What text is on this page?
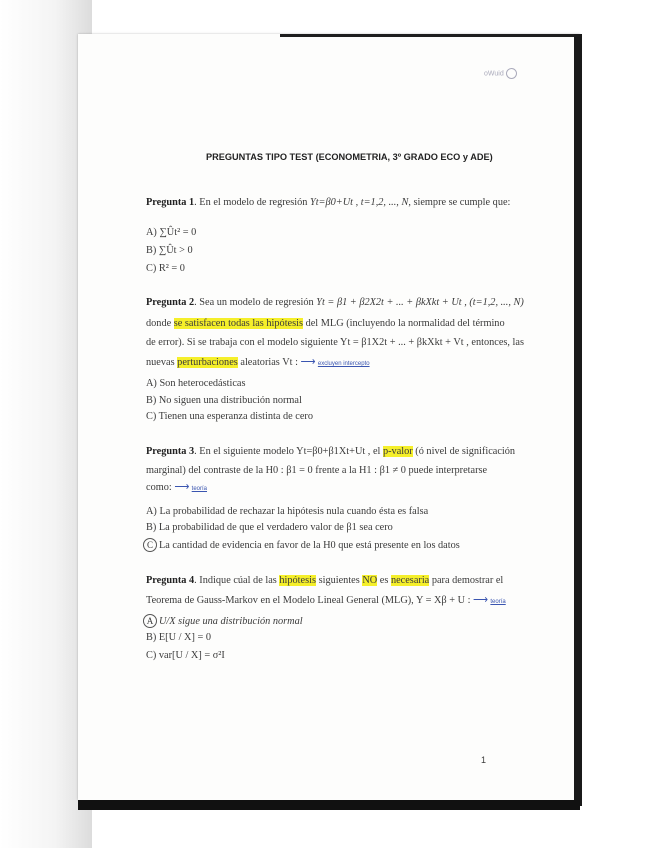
oWuid
PREGUNTAS TIPO TEST (ECONOMETRIA, 3º GRADO ECO y ADE)
Pregunta 1. En el modelo de regresión Yt=β0+Ut , t=1,2, ..., N, siempre se cumple que:
A) ∑Ût² = 0
B) ∑Ût > 0
C) R² = 0
Pregunta 2. Sea un modelo de regresión Yt = β1 + β2X2t + ... + βkXkt + Ut , (t=1,2, ..., N)
donde se satisfacen todas las hipótesis del MLG (incluyendo la normalidad del término
de error). Si se trabaja con el modelo siguiente Yt = β1X2t + ... + βkXkt + Vt , entonces, las
nuevas perturbaciones aleatorias Vt : ⟶ excluyen intercepto
A) Son heterocedásticas
B) No siguen una distribución normal
C) Tienen una esperanza distinta de cero
Pregunta 3. En el siguiente modelo Yt=β0+β1Xt+Ut , el p-valor (ó nivel de significación
marginal) del contraste de la H0 : β1 = 0 frente a la H1 : β1 ≠ 0 puede interpretarse
como: ⟶ teoría
A) La probabilidad de rechazar la hipótesis nula cuando ésta es falsa
B) La probabilidad de que el verdadero valor de β1 sea cero
C La cantidad de evidencia en favor de la H0 que está presente en los datos
Pregunta 4. Indique cúal de las hipótesis siguientes NO es necesaria para demostrar el
Teorema de Gauss-Markov en el Modelo Lineal General (MLG), Y = Xβ + U : ⟶ teoría
A U/X sigue una distribución normal
B) E[U / X] = 0
C) var[U / X] = σ²I
1
